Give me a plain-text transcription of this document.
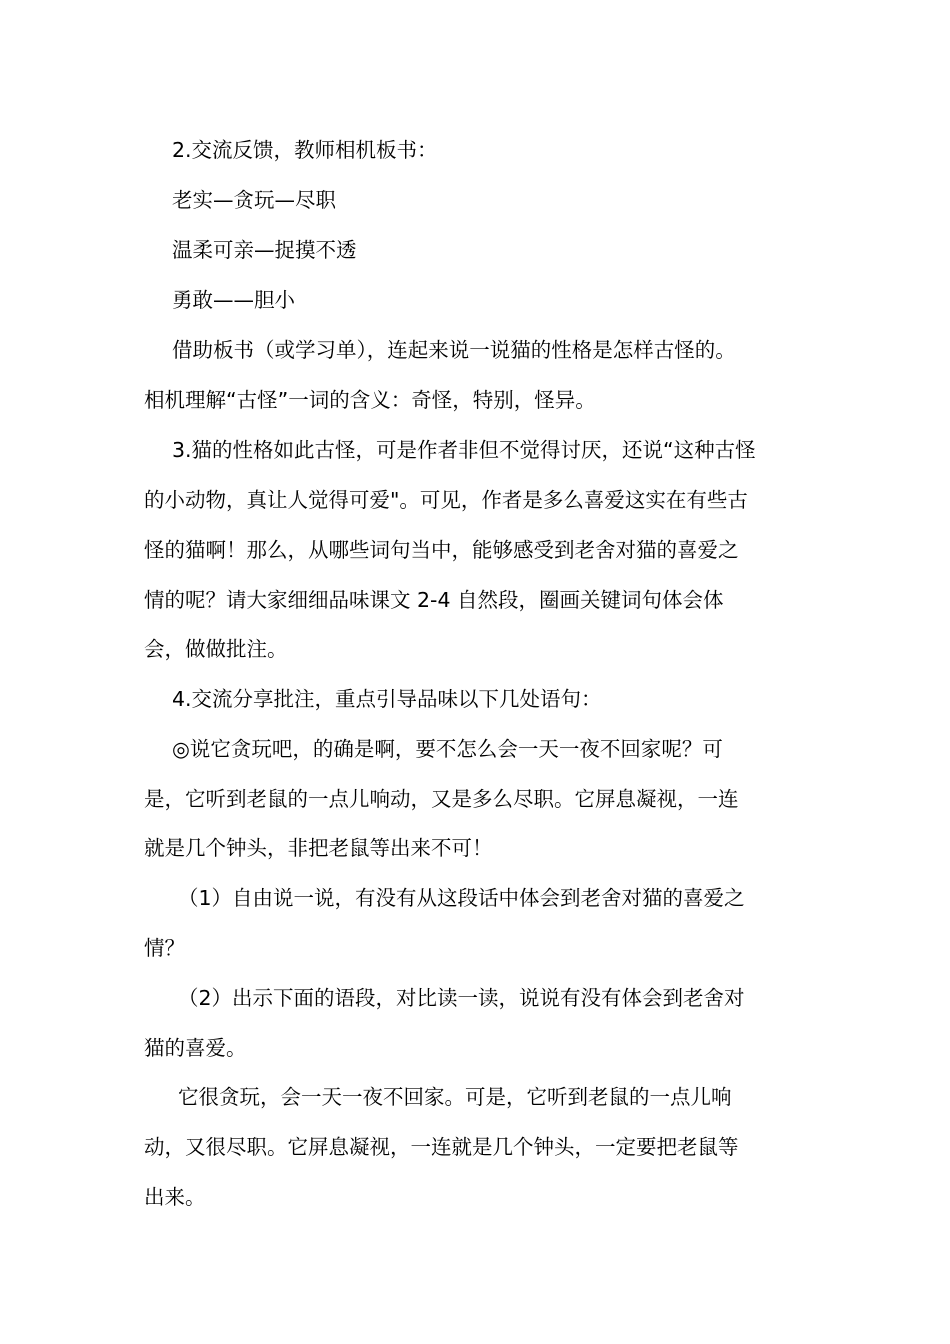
2.交流反馈，教师相机板书：
老实—贪玩—尽职
温柔可亲—捉摸不透
勇敢——胆小
借助板书（或学习单），连起来说一说猫的性格是怎样古怪的。
相机理解“古怪”一词的含义：奇怪，特别，怪异。
3.猫的性格如此古怪，可是作者非但不觉得讨厌，还说“这种古怪
的小动物，真让人觉得可爱"。可见，作者是多么喜爱这实在有些古
怪的猫啊！那么，从哪些词句当中，能够感受到老舍对猫的喜爱之
情的呢？请大家细细品味课文 2-4 自然段，圈画关键词句体会体
会，做做批注。
4.交流分享批注，重点引导品味以下几处语句：
◎说它贪玩吧，的确是啊，要不怎么会一天一夜不回家呢？可
是，它听到老鼠的一点儿响动，又是多么尽职。它屏息凝视，一连
就是几个钟头，非把老鼠等出来不可！
（1）自由说一说，有没有从这段话中体会到老舍对猫的喜爱之
情？
（2）出示下面的语段，对比读一读，说说有没有体会到老舍对
猫的喜爱。
它很贪玩，会一天一夜不回家。可是，它听到老鼠的一点儿响
动，又很尽职。它屏息凝视，一连就是几个钟头，一定要把老鼠等
出来。
